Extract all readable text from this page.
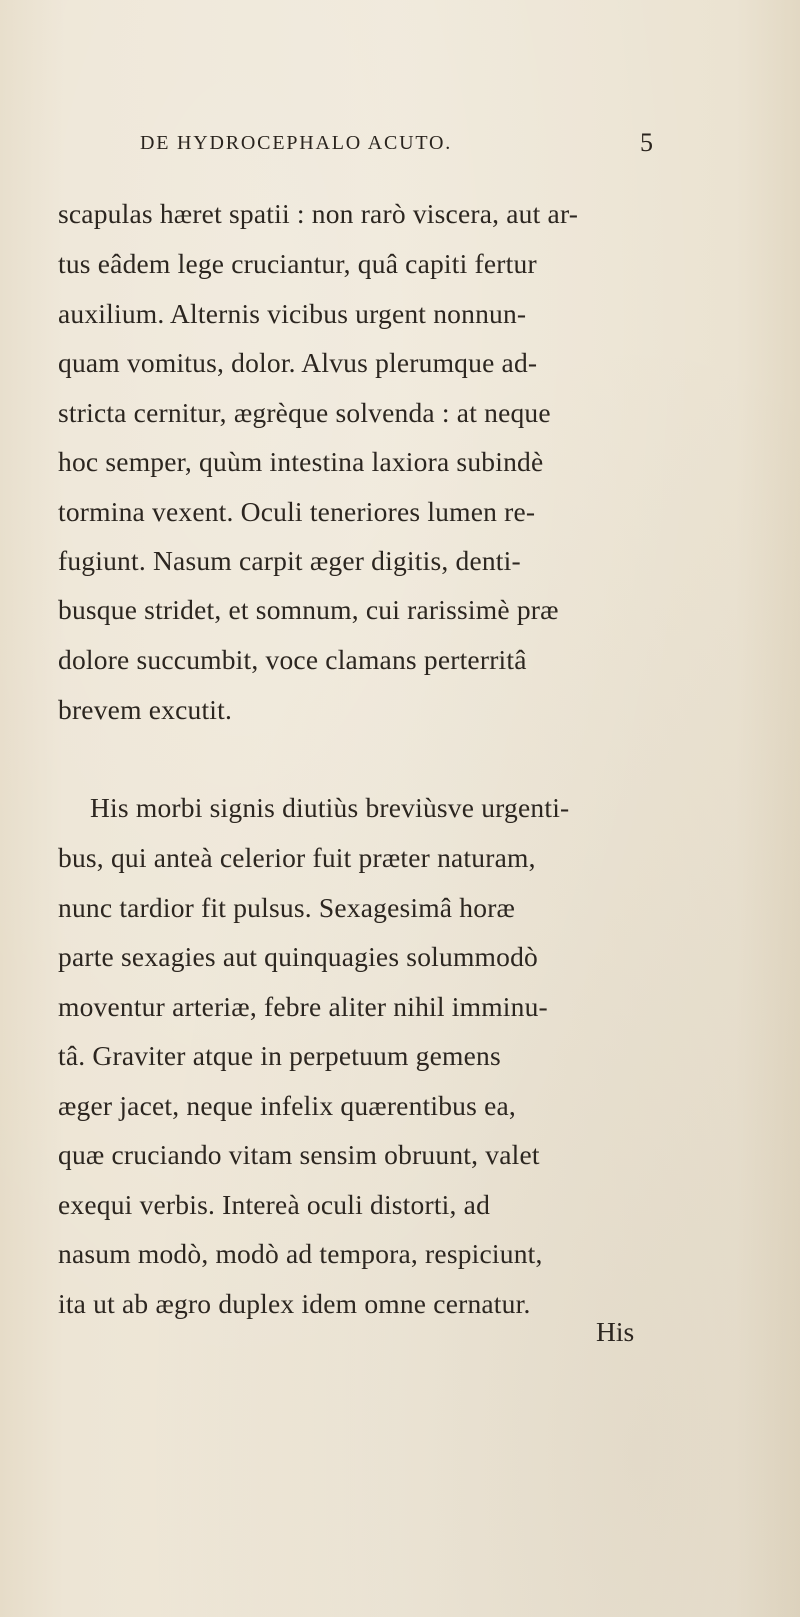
DE HYDROCEPHALO ACUTO.	5
scapulas hæret spatii : non rarò viscera, aut ar-
tus eâdem lege cruciantur, quâ capiti fertur
auxilium. Alternis vicibus urgent nonnun-
quam vomitus, dolor. Alvus plerumque ad-
stricta cernitur, ægrèque solvenda : at neque
hoc semper, quùm intestina laxiora subindè
tormina vexent. Oculi teneriores lumen re-
fugiunt. Nasum carpit æger digitis, denti-
busque stridet, et somnum, cui rarissimè præ
dolore succumbit, voce clamans perterritâ
brevem excutit.
His morbi signis diutiùs breviùsve urgenti-
bus, qui anteà celerior fuit præter naturam,
nunc tardior fit pulsus. Sexagesimâ horæ
parte sexagies aut quinquagies solummodò
moventur arteriæ, febre aliter nihil imminu-
tâ. Graviter atque in perpetuum gemens
æger jacet, neque infelix quærentibus ea,
quæ cruciando vitam sensim obruunt, valet
exequi verbis. Intereà oculi distorti, ad
nasum modò, modò ad tempora, respiciunt,
ita ut ab ægro duplex idem omne cernatur.
His
